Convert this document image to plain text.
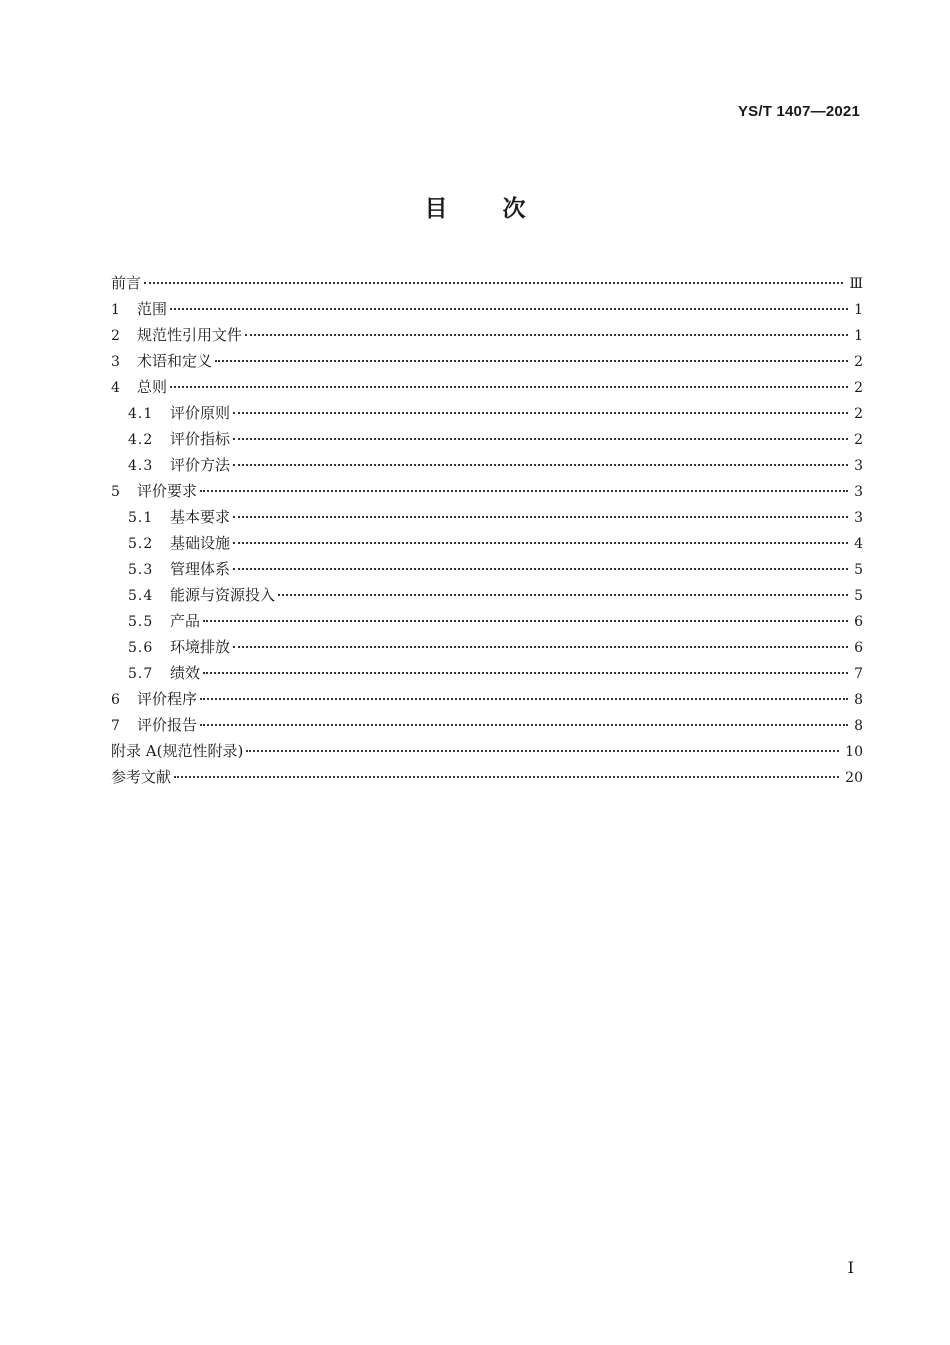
YS/T 1407—2021
目次
前言	Ⅲ
1	范围	1
2	规范性引用文件	1
3	术语和定义	2
4	总则	2
4.1	评价原则	2
4.2	评价指标	2
4.3	评价方法	3
5	评价要求	3
5.1	基本要求	3
5.2	基础设施	4
5.3	管理体系	5
5.4	能源与资源投入	5
5.5	产品	6
5.6	环境排放	6
5.7	绩效	7
6	评价程序	8
7	评价报告	8
附录 A(规范性附录)	10
参考文献	20
I
